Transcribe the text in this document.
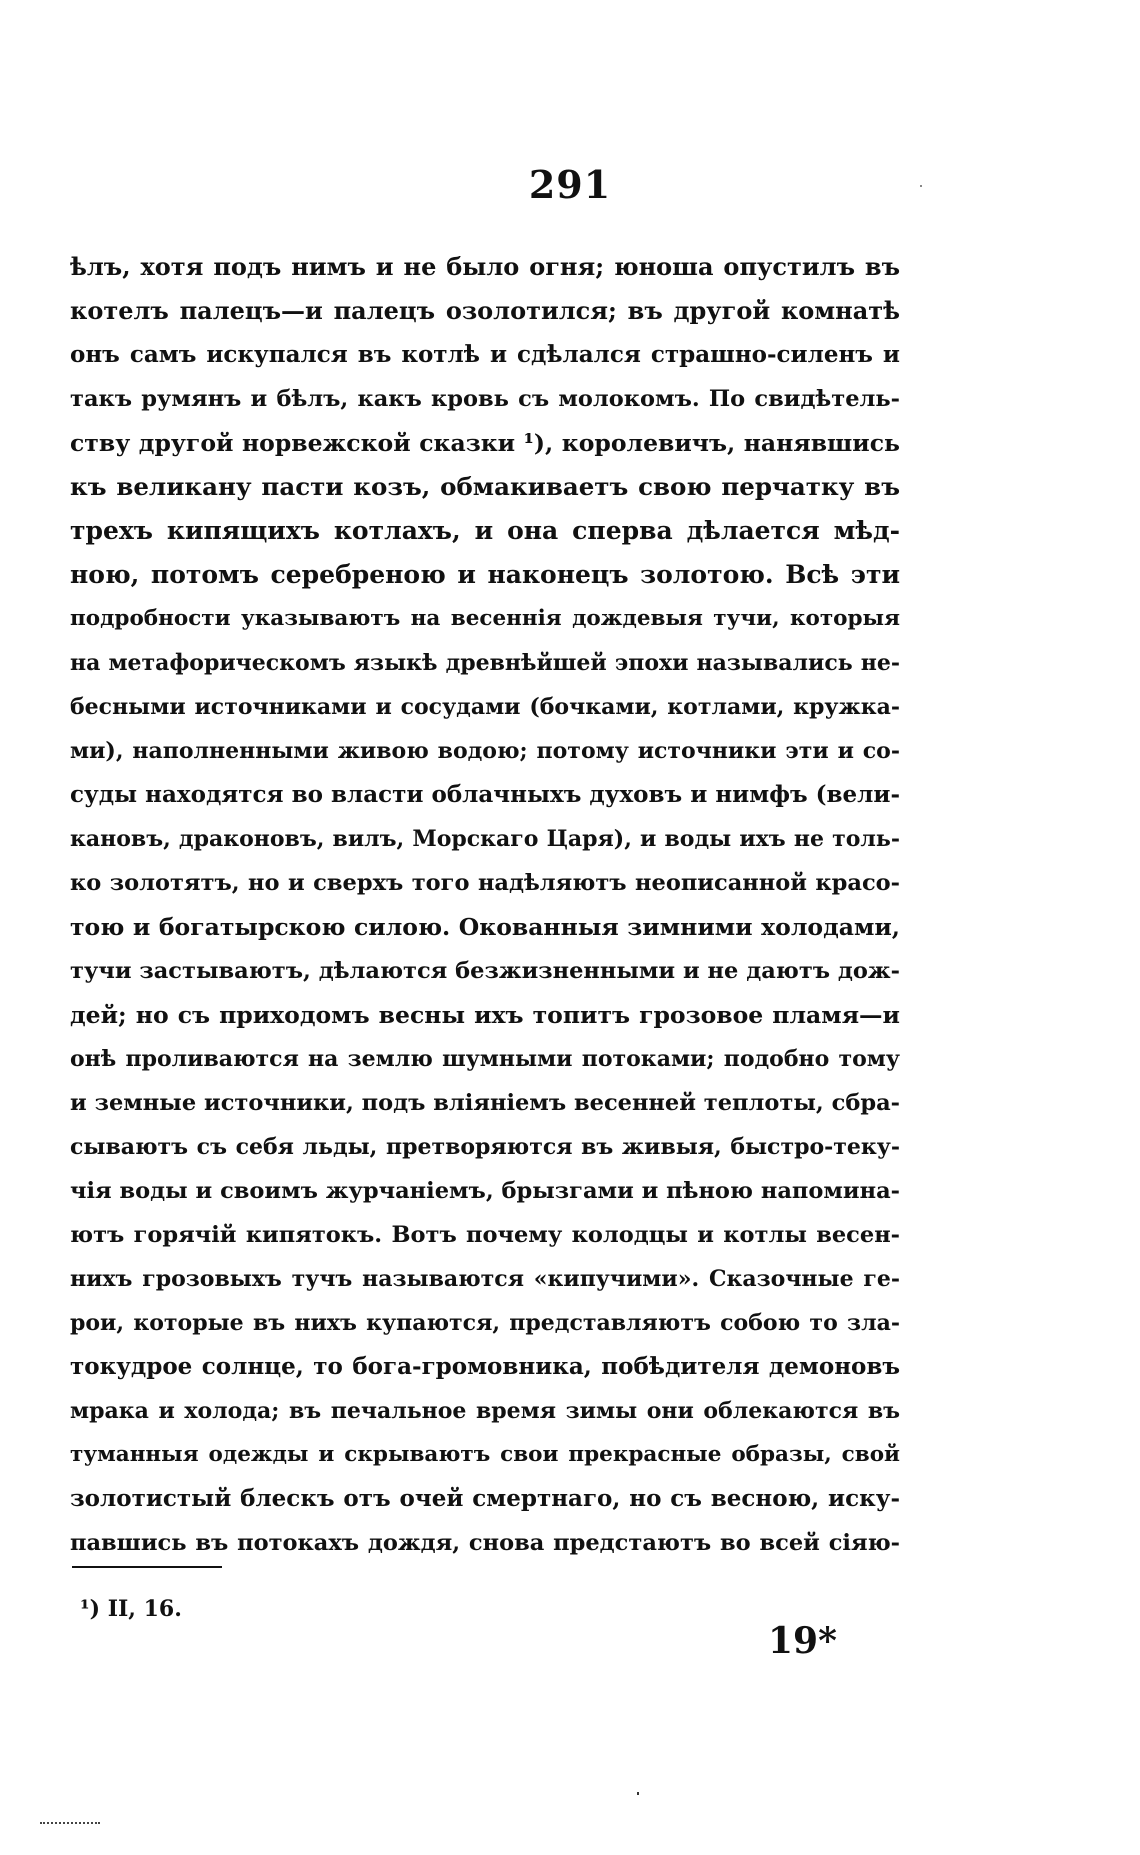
291
ѣлъ, хотя подъ нимъ и не было огня; юноша опустилъ въ
котелъ палецъ—и палецъ озолотился; въ другой комнатѣ
онъ самъ искупался въ котлѣ и сдѣлался страшно-силенъ и
такъ румянъ и бѣлъ, какъ кровь съ молокомъ. По свидѣтель-
ству другой норвежской сказки ¹), королевичъ, нанявшись
къ великану пасти козъ, обмакиваетъ свою перчатку въ
трехъ кипящихъ котлахъ, и она сперва дѣлается мѣд-
ною, потомъ серебреною и наконецъ золотою. Всѣ эти
подробности указываютъ на весеннія дождевыя тучи, которыя
на метафорическомъ языкѣ древнѣйшей эпохи назывались не-
бесными источниками и сосудами (бочками, котлами, кружка-
ми), наполненными живою водою; потому источники эти и со-
суды находятся во власти облачныхъ духовъ и нимфъ (вели-
кановъ, драконовъ, вилъ, Морскаго Царя), и воды ихъ не толь-
ко золотятъ, но и сверхъ того надѣляютъ неописанной красо-
тою и богатырскою силою. Окованныя зимними холодами,
тучи застываютъ, дѣлаются безжизненными и не даютъ дож-
дей; но съ приходомъ весны ихъ топитъ грозовое пламя—и
онѣ проливаются на землю шумными потоками; подобно тому
и земные источники, подъ вліяніемъ весенней теплоты, сбра-
сываютъ съ себя льды, претворяются въ живыя, быстро-теку-
чія воды и своимъ журчаніемъ, брызгами и пѣною напомина-
ютъ горячій кипятокъ. Вотъ почему колодцы и котлы весен-
нихъ грозовыхъ тучъ называются «кипучими». Сказочные ге-
рои, которые въ нихъ купаются, представляютъ собою то зла-
токудрое солнце, то бога-громовника, побѣдителя демоновъ
мрака и холода; въ печальное время зимы они облекаются въ
туманныя одежды и скрываютъ свои прекрасные образы, свой
золотистый блескъ отъ очей смертнаго, но съ весною, иску-
павшись въ потокахъ дождя, снова предстаютъ во всей сіяю-
¹) II, 16.
19*
